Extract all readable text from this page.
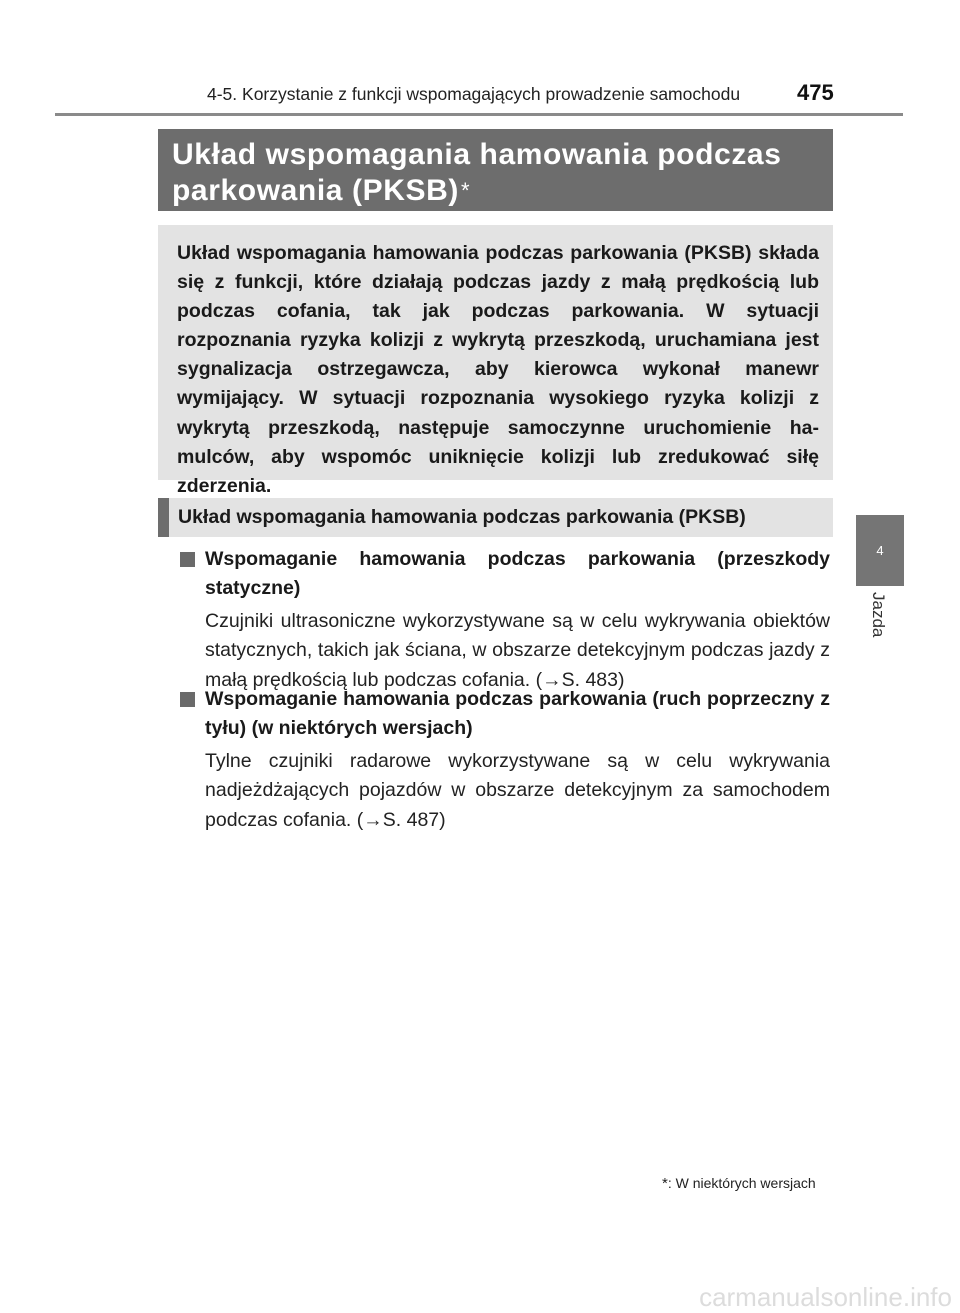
4-5. Korzystanie z funkcji wspomagających prowadzenie samochodu	475
4
Jazda
Układ wspomagania hamowania podczas
parkowania (PKSB)*
Układ wspomagania hamowania podczas parkowania (PKSB) składa się z funkcji, które działają podczas jazdy z małą prędkością lub podczas cofania, tak jak podczas parkowania. W sytuacji rozpoznania ryzyka kolizji z wykrytą przeszkodą, uruchamiana jest sygnalizacja ostrzegawcza, aby kierowca wykonał manewr wymijający. W sytuacji rozpoznania wysokiego ryzyka kolizji z wykrytą przeszkodą, następuje samoczynne uruchomienie hamulców, aby wspomóc uniknięcie kolizji lub zredukować siłę zderzenia.
Układ wspomagania hamowania podczas parkowania (PKSB)
Wspomaganie hamowania podczas parkowania (przeszkody statyczne)
Czujniki ultrasoniczne wykorzystywane są w celu wykrywania obiektów statycznych, takich jak ściana, w obszarze detekcyjnym podczas jazdy z małą prędkością lub podczas cofania. (→S. 483)
Wspomaganie hamowania podczas parkowania (ruch poprzeczny z tyłu) (w niektórych wersjach)
Tylne czujniki radarowe wykorzystywane są w celu wykrywania nadjeżdżających pojazdów w obszarze detekcyjnym za samochodem podczas cofania. (→S. 487)
*: W niektórych wersjach
carmanualsonline.info
